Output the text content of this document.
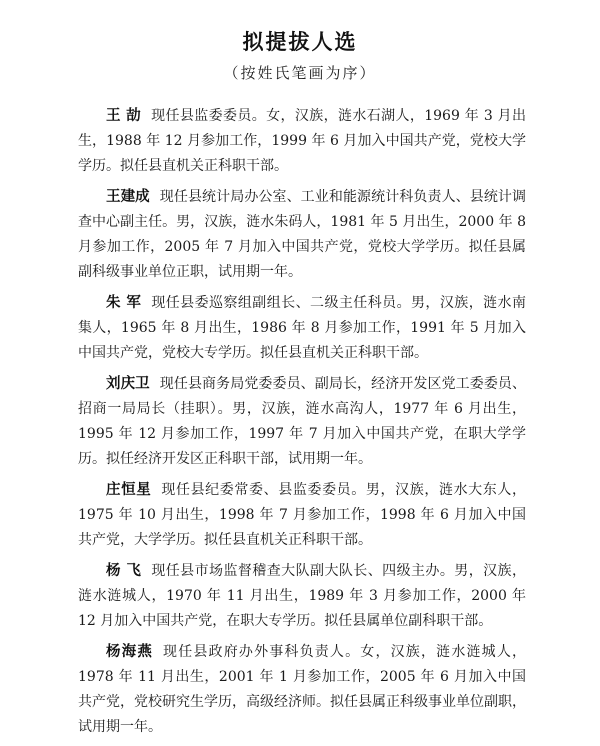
拟提拔人选
（按姓氏笔画为序）

王 劼 现任县监委委员。女，汉族，涟水石湖人，1969 年 3 月出生，1988 年 12 月参加工作，1999 年 6 月加入中国共产党，党校大学学历。拟任县直机关正科职干部。

王建成 现任县统计局办公室、工业和能源统计科负责人、县统计调查中心副主任。男，汉族，涟水朱码人，1981 年 5 月出生，2000 年 8 月参加工作，2005 年 7 月加入中国共产党，党校大学学历。拟任县属副科级事业单位正职，试用期一年。

朱 军 现任县委巡察组副组长、二级主任科员。男，汉族，涟水南集人，1965 年 8 月出生，1986 年 8 月参加工作，1991 年 5 月加入中国共产党，党校大专学历。拟任县直机关正科职干部。

刘庆卫 现任县商务局党委委员、副局长，经济开发区党工委委员、招商一局局长（挂职）。男，汉族，涟水高沟人，1977 年 6 月出生，1995 年 12 月参加工作，1997 年 7 月加入中国共产党，在职大学学历。拟任经济开发区正科职干部，试用期一年。

庄恒星 现任县纪委常委、县监委委员。男，汉族，涟水大东人，1975 年 10 月出生，1998 年 7 月参加工作，1998 年 6 月加入中国共产党，大学学历。拟任县直机关正科职干部。

杨 飞 现任县市场监督稽查大队副大队长、四级主办。男，汉族，涟水涟城人，1970 年 11 月出生，1989 年 3 月参加工作，2000 年 12 月加入中国共产党，在职大专学历。拟任县属单位副科职干部。

杨海燕 现任县政府办外事科负责人。女，汉族，涟水涟城人，1978 年 11 月出生，2001 年 1 月参加工作，2005 年 6 月加入中国共产党，党校研究生学历，高级经济师。拟任县属正科级事业单位副职，试用期一年。
